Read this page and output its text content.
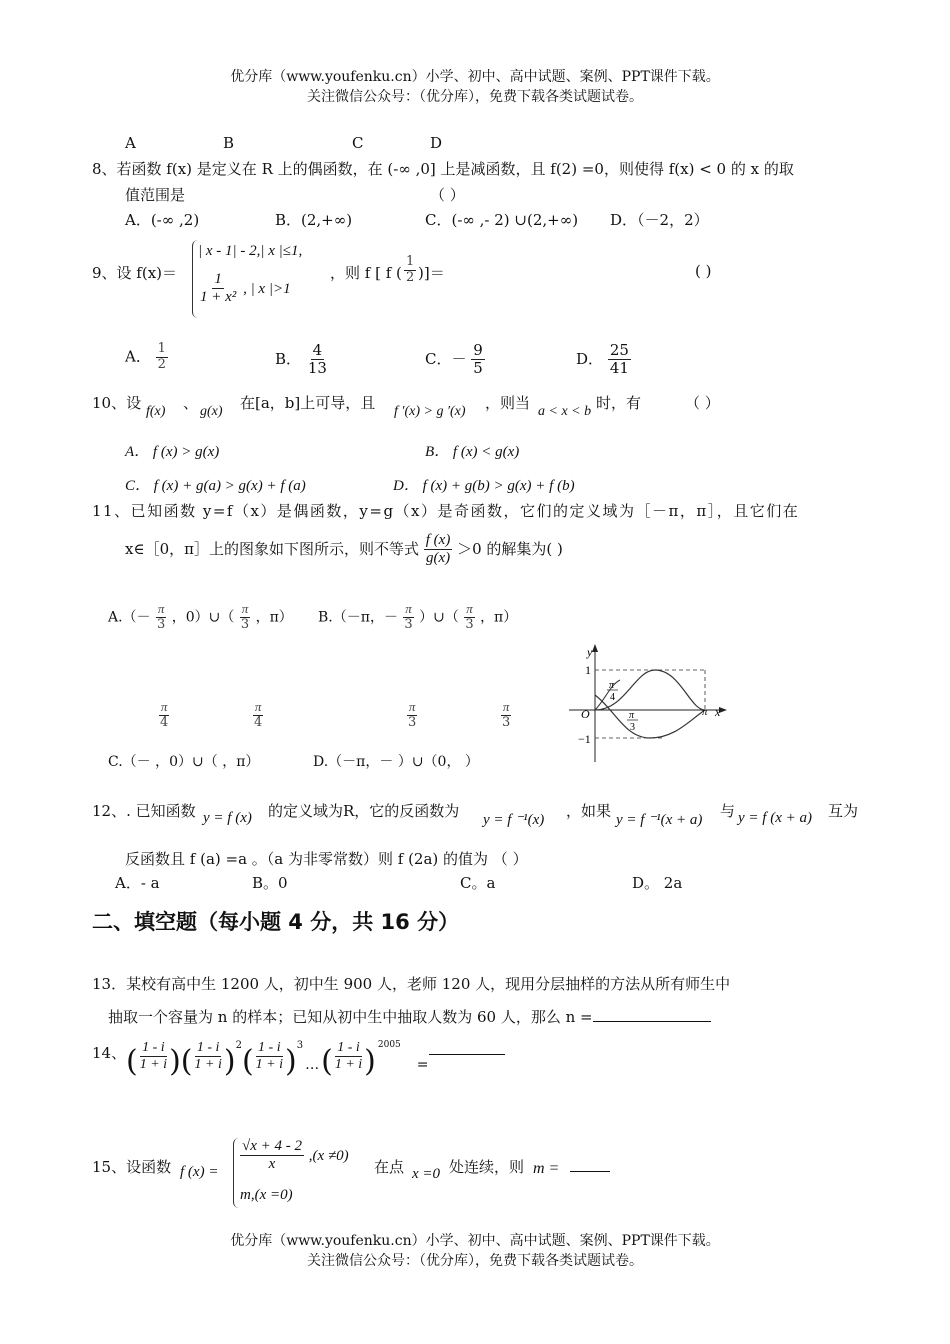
优分库（www.youfenku.cn）小学、初中、高中试题、案例、PPT课件下载。
关注微信公众号：（优分库），免费下载各类试题试卷。
A	B	C	D
8、若函数 f(x) 是定义在 R 上的偶函数，在 (-∞ ,0] 上是减函数，且 f(2) =0，则使得 f(x) < 0 的 x 的取
值范围是	（ ）
A．(-∞ ,2)	B．(2,+∞)	C．(-∞ ,- 2) ∪(2,+∞) D．（－2，2）
9、设 f(x)＝
| x - 1| - 2,| x |≤1,
$\frac{1}{\text{1 + x²}}$ , | x |>1
，则 f [ f ( $\frac{1}{2}$ )]＝	( )
A． $\frac{1}{2}$	B． $\frac{4}{13}$	C．－ $\frac{9}{5}$	D． $\frac{25}{41}$
10、设 f(x) 、 g(x) 在[a，b]上可导，且 f ′(x) > g ′(x) ，则当 a < x < b 时，有	（ ）
A． f (x) > g(x)	B． f (x) < g(x)
C． f (x) + g(a) > g(x) + f (a)	D． f (x) + g(b) > g(x) + f (b)
11、已知函数 y=f（x）是偶函数，y=g（x）是奇函数，它们的定义域为［－π，π］，且它们在
x∈［0，π］上的图象如下图所示，则不等式 $\frac{f (x)}{g(x)} >0$ 的解集为( )
$A.(- \frac{\pi}{3}$ ，0）∪（ $\frac{\pi}{3}$ ，π） B.（－π，－ $\frac{\pi}{3}$ ）∪（ $\frac{\pi}{3}$ ，π）
$\frac{\pi}{4}$	$\frac{\pi}{4}$	$\frac{\pi}{3}$	$\frac{\pi}{3}$
C.（－ ，0）∪（ ，π）	D.（－π，－ ）∪（0， ）
y
x
O
1
−1
π
π
4
π
3
12、. 已知函数 y = f (x) 的定义域为R，它的反函数为 y = f ⁻¹(x) ，如果 y = f ⁻¹(x + a) 与 y = f (x + a) 互为
反函数且 f (a) =a 。（a 为非零常数）则 f (2a) 的值为 （ ）
A．- a	B。0	C。a	D。 2a
二、填空题（每小题 4 分，共 16 分）
13．某校有高中生 1200 人，初中生 900 人，老师 120 人，现用分层抽样的方法从所有师生中
抽取一个容量为 n 的样本；已知从初中生中抽取人数为 60 人，那么 n =
14、 ( $\frac{1 - i}{1 + i}$ ) ( $\frac{1 - i}{1 + i}$ ) 2 ( $\frac{1 - i}{1 + i}$ ) 3
… ( $\frac{1 - i}{1 + i}$ ) 2005
=
15、设函数 f $(x) = \frac{√x + 4 - 2}{x} ,(x \ne 0)$
m,(x =0)
在点 x =0 处连续，则 m =
优分库（www.youfenku.cn）小学、初中、高中试题、案例、PPT课件下载。
关注微信公众号：（优分库），免费下载各类试题试卷。
